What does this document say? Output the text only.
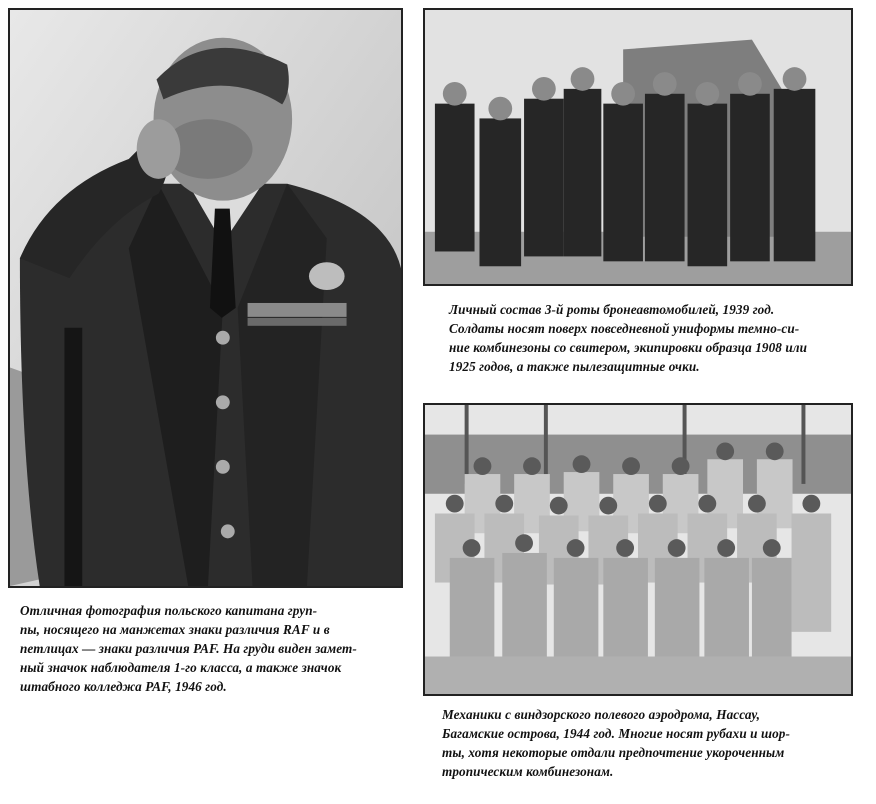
Отличная фотография польского капитана груп-
пы, носящего на манжетах знаки различия RAF и в
петлицах — знаки различия РАF. На груди виден замет-
ный значок наблюдателя 1-го класса, а также значок
штабного колледжа РАF, 1946 год.
Личный состав 3-й роты бронеавтомобилей, 1939 год.
Солдаты носят поверх повседневной униформы темно-си-
ние комбинезоны со свитером, экипировки образца 1908 или
1925 годов, а также пылезащитные очки.
Механики с виндзорского полевого аэродрома, Нассау,
Багамские острова, 1944 год. Многие носят рубахи и шор-
ты, хотя некоторые отдали предпочтение укороченным
тропическим комбинезонам.
